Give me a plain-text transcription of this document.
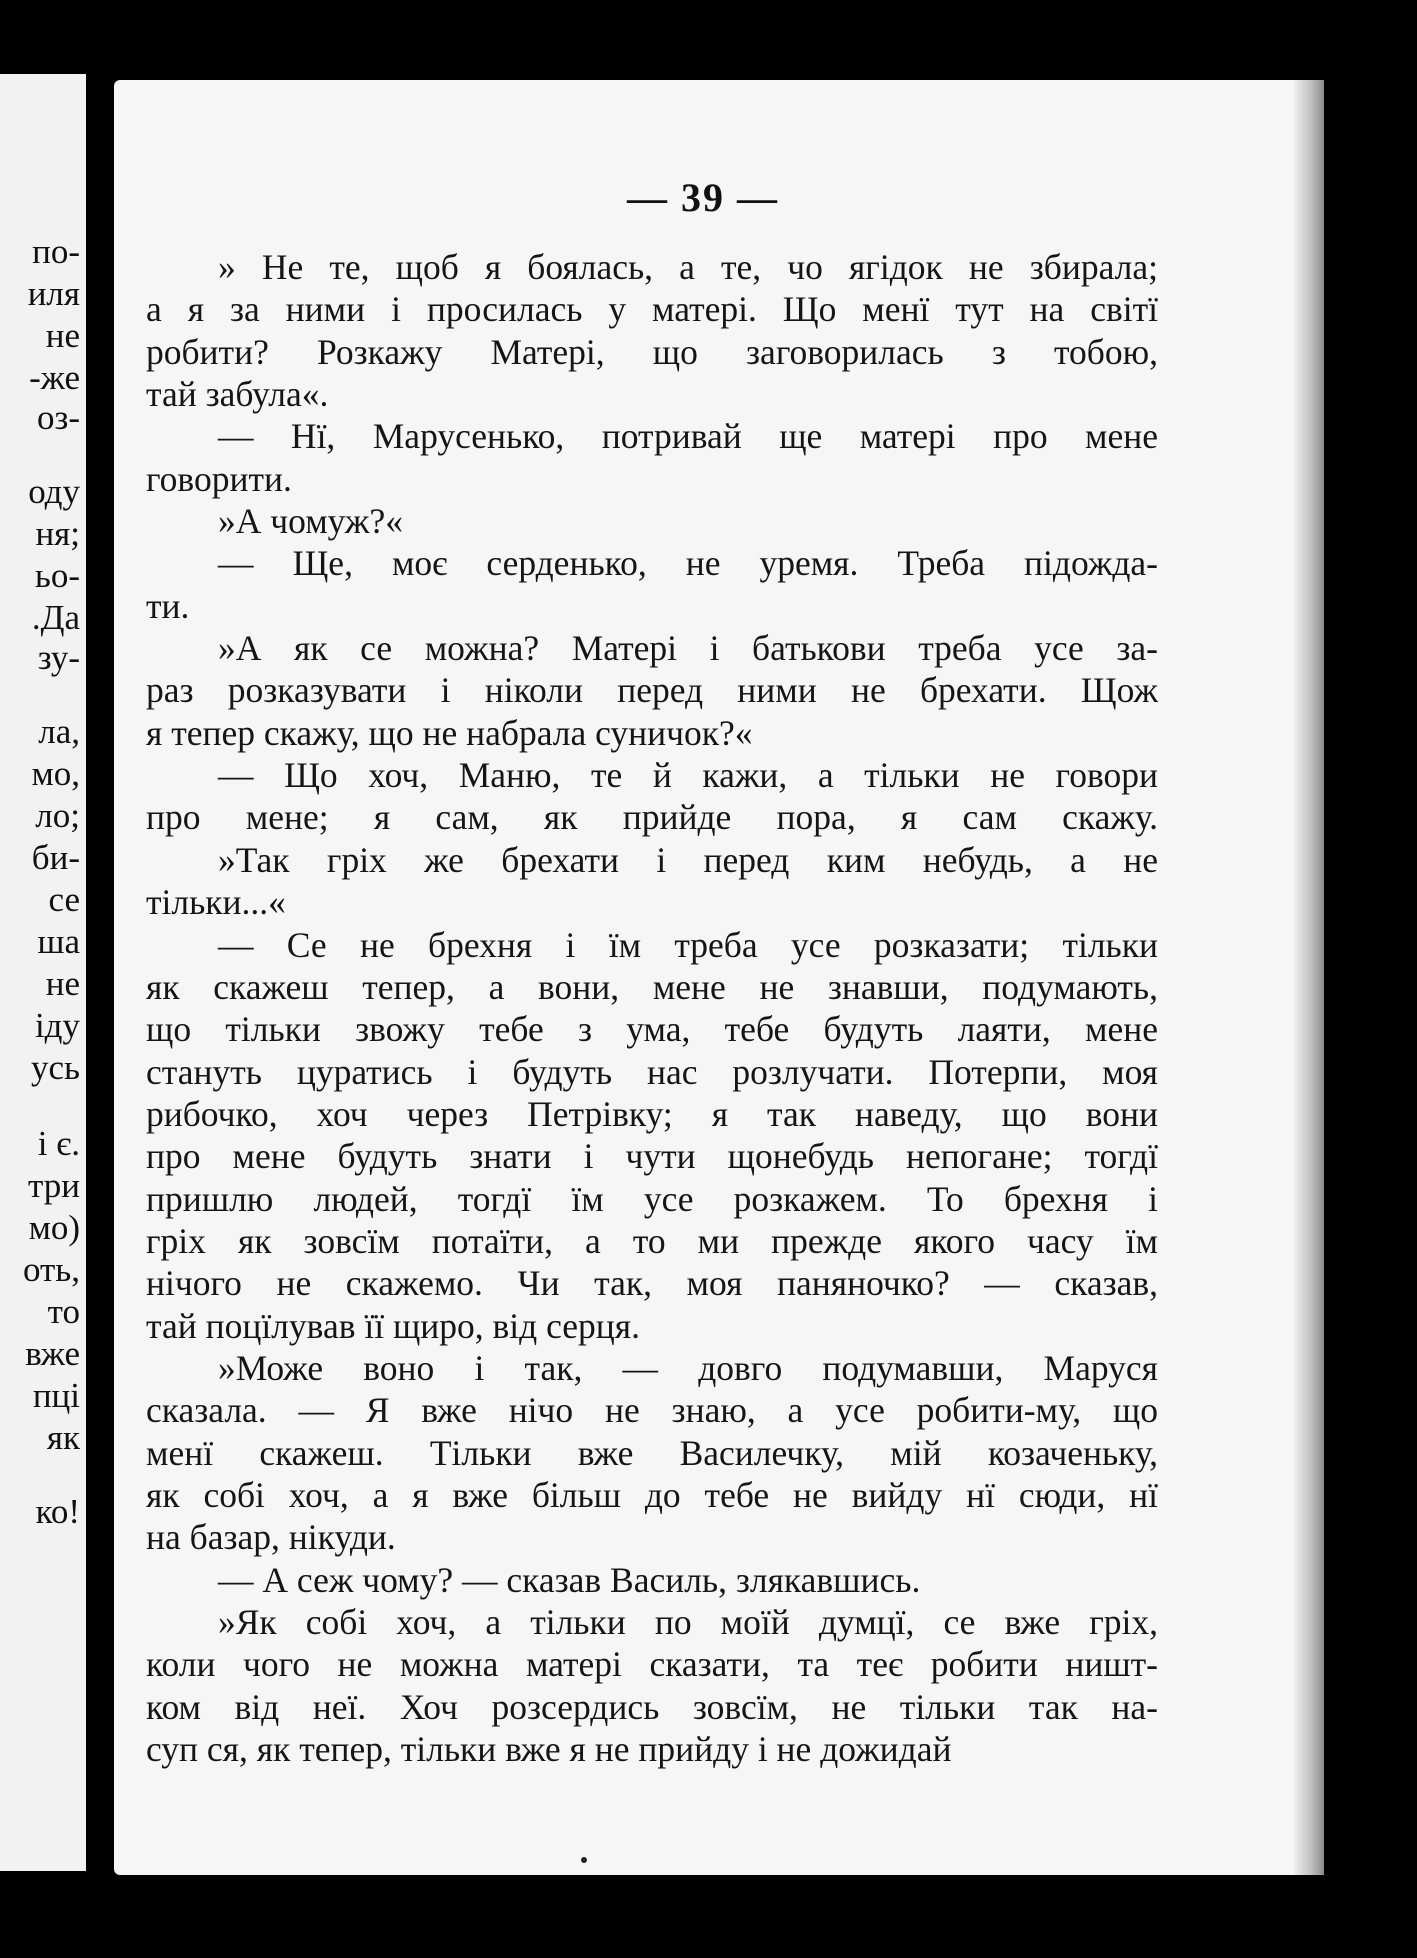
по-
иля
не
-же
оз-
оду
ня;
ьо-
.Да
зу-
ла,
мо,
ло;
би-
се
ша
не
іду
усь
і є.
три
мо)
оть,
то
вже
пці
як
ко!
— 39 —
» Не те, щоб я боялась, а те, чо ягідок не збирала;
а я за ними і просилась у матері. Що менї тут на світї
робити? Розкажу Матері, що заговорилась з тобою,
тай забула«.
— Нї, Марусенько, потривай ще матері про мене
говорити.
»А чомуж?«
— Ще, моє серденько, не уремя. Треба підождa-
ти.
»А як се можна? Матері і батькови треба усе за-
раз розказувати і ніколи перед ними не брехати. Щож
я тепер скажу, що не набрала суничок?«
— Що хоч, Маню, те й кажи, а тільки не говори
про мене; я сам, як прийде пора, я сам скажу.
»Так гріх же брехати і перед ким небудь, а не
тільки...«
— Се не брехня і їм треба усе розказати; тільки
як скажеш тепер, а вони, мене не знавши, подумають,
що тільки звожу тебе з ума, тебе будуть лаяти, мене
стануть цуратись і будуть нас розлучати. Потерпи, моя
рибочко, хоч через Петрівку; я так наведу, що вони
про мене будуть знати і чути щонебудь непогане; тогдї
пришлю людей, тогдї їм усе розкажем. То брехня і
гріх як зовсїм потаїти, а то ми прежде якого часу їм
нічого не скажемо. Чи так, моя паняночко? — сказав,
тай поцїлував її щиро, від серця.
»Може воно і так, — довго подумавши, Маруся
сказала. — Я вже нічо не знаю, а усе робити-му, що
менї скажеш. Тільки вже Василечку, мій козаченьку,
як собі хоч, а я вже більш до тебе не вийду нї сюди, нї
на базар, нікуди.
— А сеж чому? — сказав Василь, злякавшись.
»Як собі хоч, а тільки по моїй думцї, се вже гріх,
коли чого не можна матері сказати, та теє робити ништ-
ком від неї. Хоч розсердись зовсїм, не тільки так на-
суп ся, як тепер, тільки вже я не прийду і не дожидай
